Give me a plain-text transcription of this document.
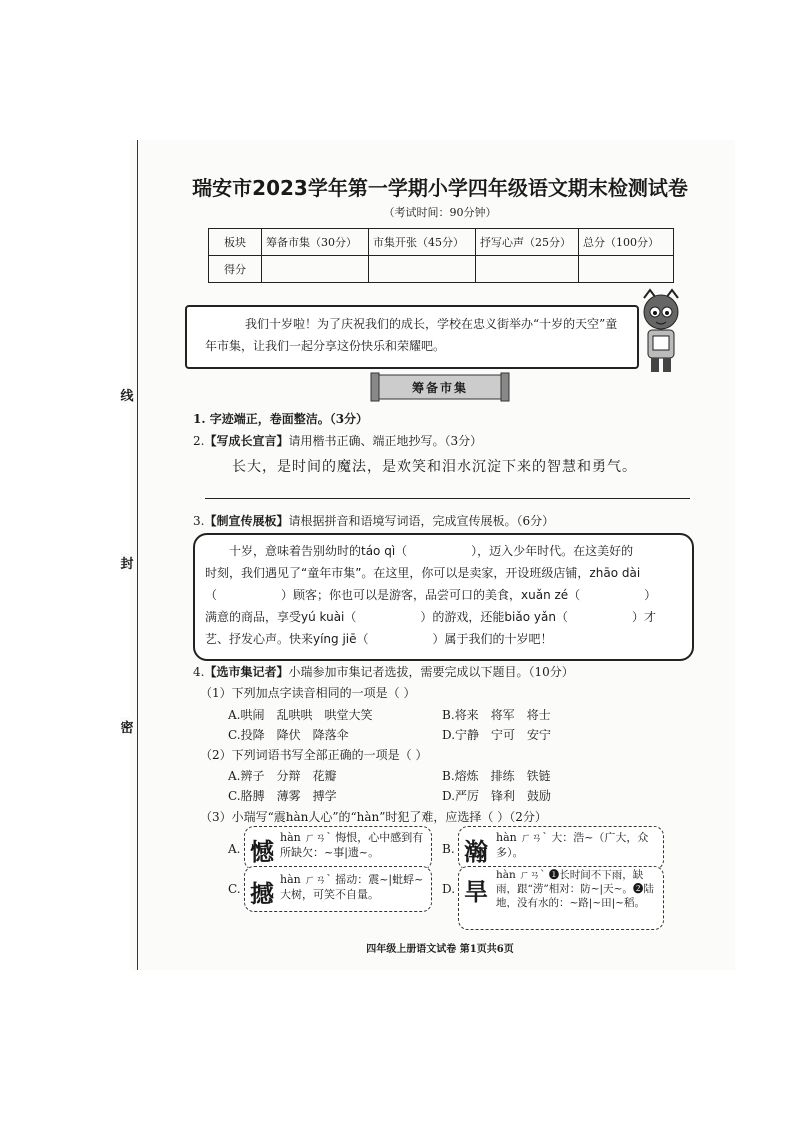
线
封
密
瑞安市2023学年第一学期小学四年级语文期末检测试卷
（考试时间：90分钟）
板块	筹备市集（30分）	市集开张（45分）	抒写心声（25分）	总分（100分）
得分				
我们十岁啦！为了庆祝我们的成长，学校在忠义街举办“十岁的天空”童年市集，让我们一起分享这份快乐和荣耀吧。
筹备市集
1. 字迹端正，卷面整洁。（3分）
2.【写成长宣言】请用楷书正确、端正地抄写。（3分）
长大，是时间的魔法，是欢笑和泪水沉淀下来的智慧和勇气。
3.【制宣传展板】请根据拼音和语境写词语，完成宣传展板。（6分）
十岁，意味着告别幼时的táo qì（	），迈入少年时代。在这美好的
时刻，我们遇见了“童年市集”。在这里，你可以是卖家，开设班级店铺，zhāo dài
（	）顾客；你也可以是游客，品尝可口的美食，xuǎn zé（	）
满意的商品，享受yú kuài（	）的游戏，还能biǎo yǎn（	）才
艺、抒发心声。快来yíng jiē（	）属于我们的十岁吧！
4.【选市集记者】小瑞参加市集记者选拔，需要完成以下题目。（10分）
（1）下列加点字读音相同的一项是（ ）
A.哄闹　乱哄哄　哄堂大笑	B.将来　将军　将士
C.投降　降伏　降落伞	D.宁静　宁可　安宁
（2）下列词语书写全部正确的一项是（ ）
A.辨子　分辩　花瓣	B.熔炼　排练　铁链
C.胳膊　薄雾　搏学	D.严厉　锋利　鼓励
（3）小瑞写“震hàn人心”的“hàn”时犯了难，应选择（ ）（2分）
A. 憾
hàn ㄏㄢˋ 悔恨，心中感到有所缺欠：~事|遗~。	B. 瀚
hàn ㄏㄢˋ 大：浩~（广大，众多）。
C. 撼
hàn ㄏㄢˋ 摇动：震~|蚍蜉~大树，可笑不自量。	D. 旱
hàn ㄏㄢˋ ❶长时间不下雨，缺雨，跟“涝”相对：防~|天~。❷陆地，没有水的：~路|~田|~稻。
四年级上册语文试卷 第1页共6页
